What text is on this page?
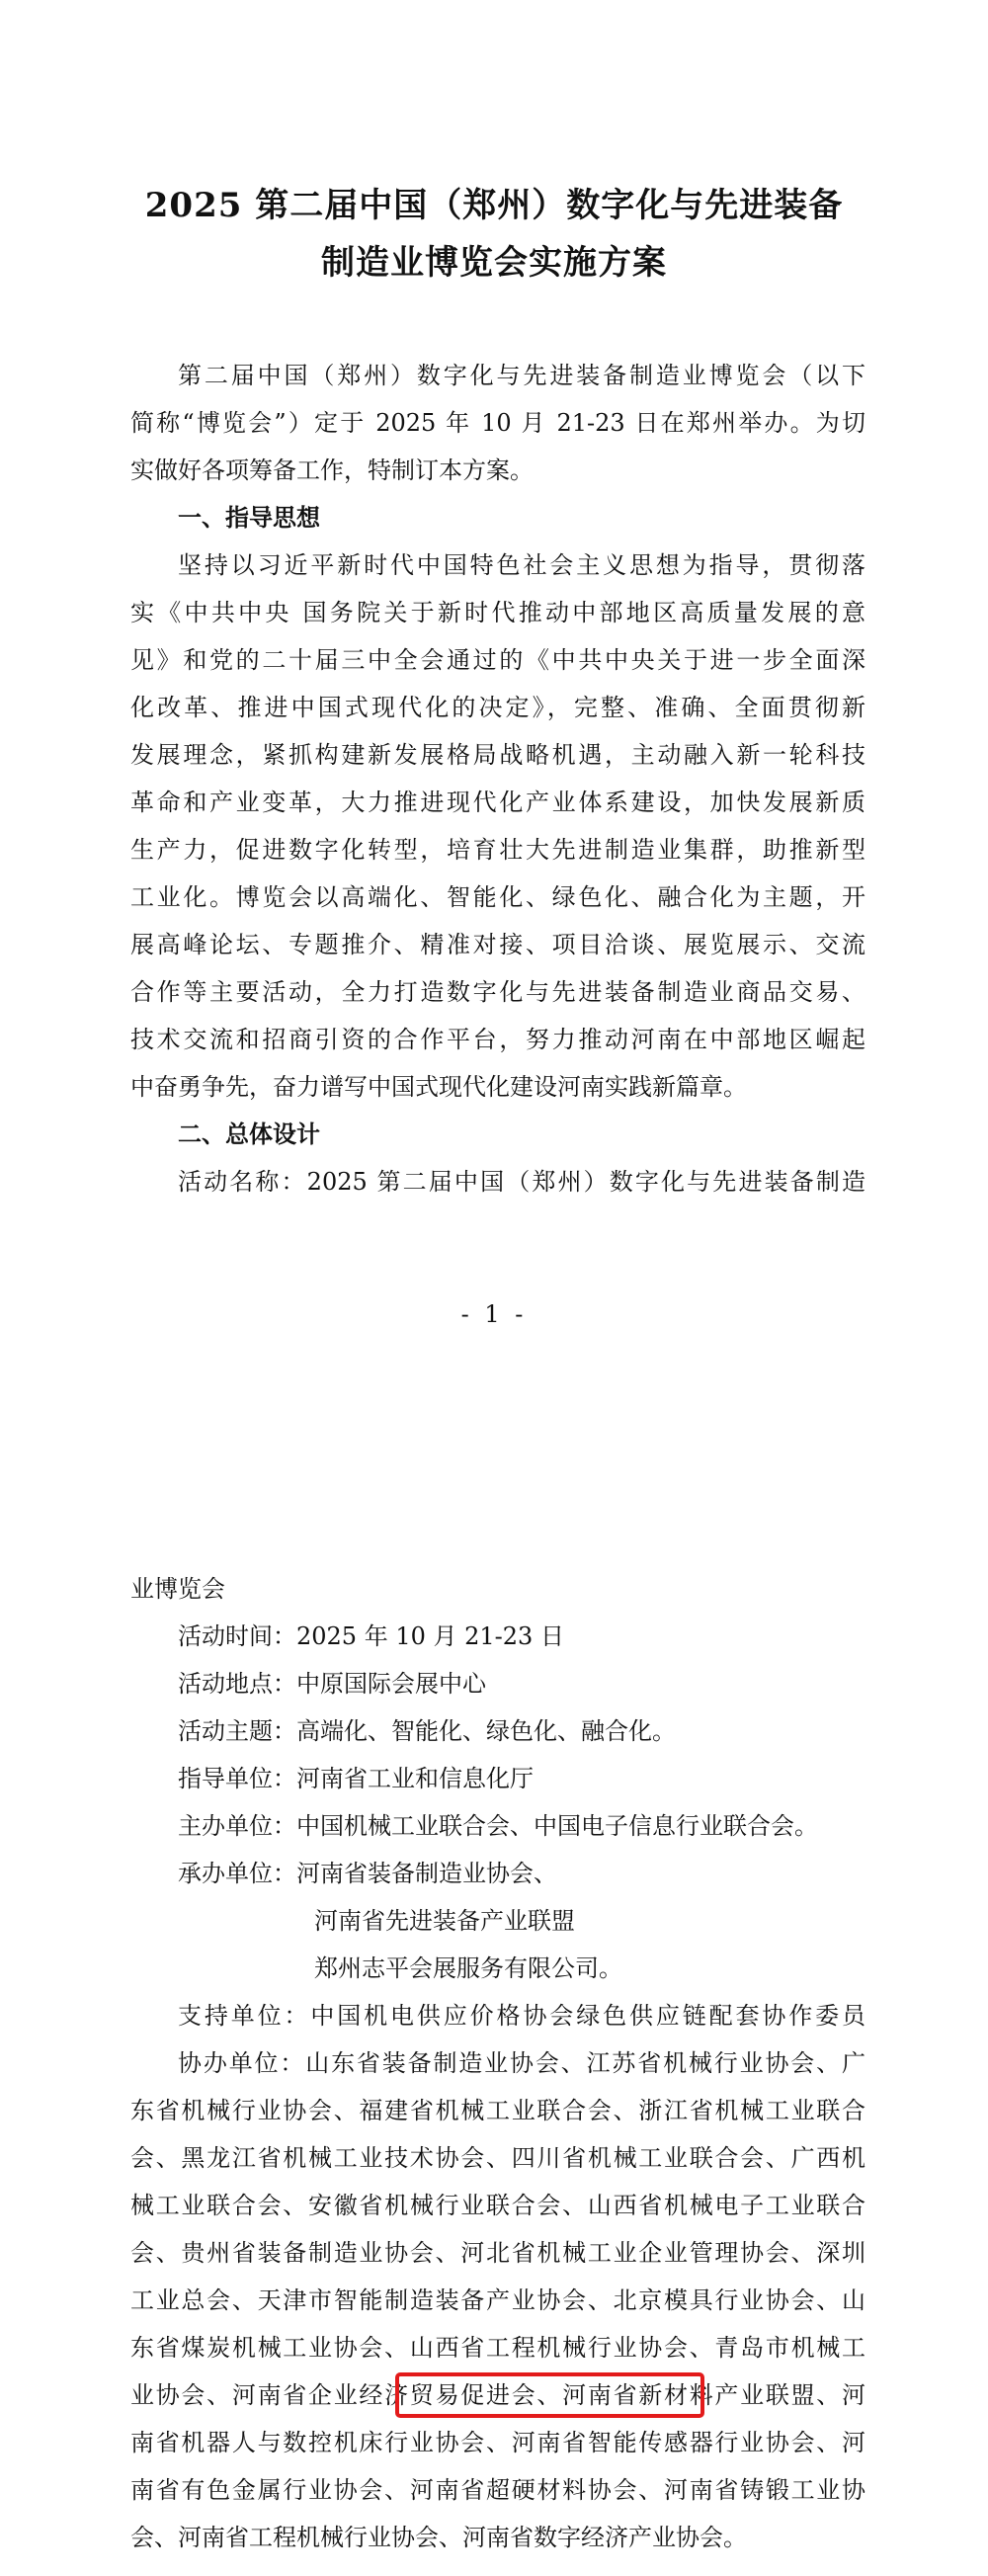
2025 第二届中国（郑州）数字化与先进装备
制造业博览会实施方案
第二届中国（郑州）数字化与先进装备制造业博览会（以下
简称“博览会”）定于 2025 年 10 月 21-23 日在郑州举办。为切
实做好各项筹备工作，特制订本方案。
一、指导思想
坚持以习近平新时代中国特色社会主义思想为指导，贯彻落
实《中共中央 国务院关于新时代推动中部地区高质量发展的意
见》和党的二十届三中全会通过的《中共中央关于进一步全面深
化改革、推进中国式现代化的决定》，完整、准确、全面贯彻新
发展理念，紧抓构建新发展格局战略机遇，主动融入新一轮科技
革命和产业变革，大力推进现代化产业体系建设，加快发展新质
生产力，促进数字化转型，培育壮大先进制造业集群，助推新型
工业化。博览会以高端化、智能化、绿色化、融合化为主题，开
展高峰论坛、专题推介、精准对接、项目洽谈、展览展示、交流
合作等主要活动，全力打造数字化与先进装备制造业商品交易、
技术交流和招商引资的合作平台，努力推动河南在中部地区崛起
中奋勇争先，奋力谱写中国式现代化建设河南实践新篇章。
二、总体设计
活动名称：2025 第二届中国（郑州）数字化与先进装备制造
- 1 -
业博览会
活动时间：2025 年 10 月 21-23 日
活动地点：中原国际会展中心
活动主题：高端化、智能化、绿色化、融合化。
指导单位：河南省工业和信息化厅
主办单位：中国机械工业联合会、中国电子信息行业联合会。
承办单位：河南省装备制造业协会、
河南省先进装备产业联盟
郑州志平会展服务有限公司。
支持单位：中国机电供应价格协会绿色供应链配套协作委员
协办单位：山东省装备制造业协会、江苏省机械行业协会、广
东省机械行业协会、福建省机械工业联合会、浙江省机械工业联合
会、黑龙江省机械工业技术协会、四川省机械工业联合会、广西机
械工业联合会、安徽省机械行业联合会、山西省机械电子工业联合
会、贵州省装备制造业协会、河北省机械工业企业管理协会、深圳
工业总会、天津市智能制造装备产业协会、北京模具行业协会、山
东省煤炭机械工业协会、山西省工程机械行业协会、青岛市机械工
业协会、河南省企业经济贸易促进会、河南省新材料产业联盟、河
南省机器人与数控机床行业协会、河南省智能传感器行业协会、河
南省有色金属行业协会、河南省超硬材料协会、河南省铸锻工业协
会、河南省工程机械行业协会、河南省数字经济产业协会。
